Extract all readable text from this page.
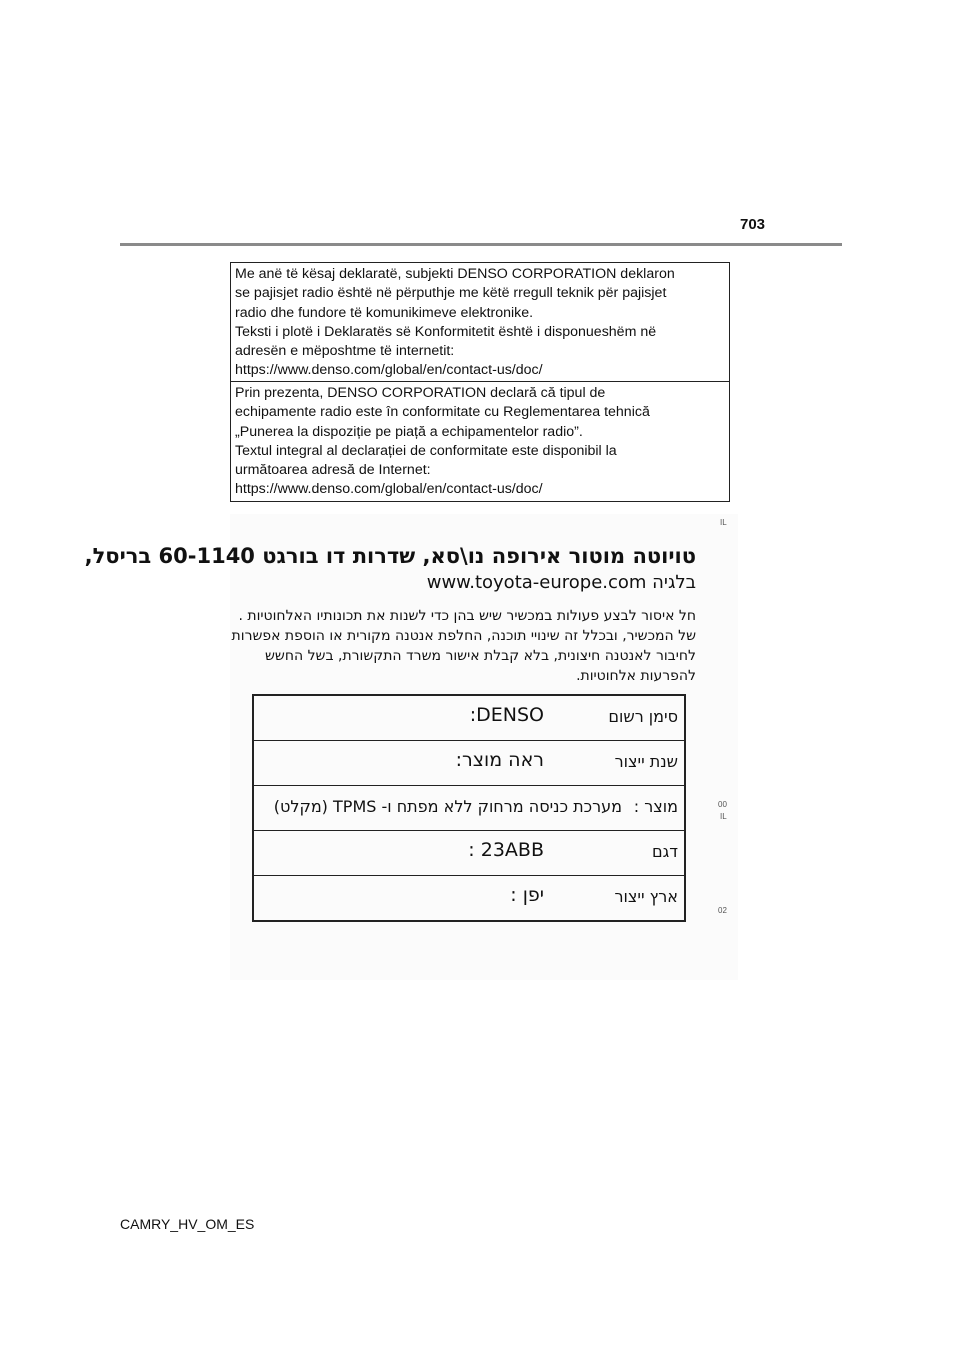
703

Me anë të kësaj deklaratë, subjekti DENSO CORPORATION deklaron

se pajisjet radio është në përputhje me këtë rregull teknik për pajisjet

radio dhe fundore të komunikimeve elektronike.

Teksti i plotë i Deklaratës së Konformitetit është i disponueshëm në

adresën e mëposhtme të internetit:

https://www.denso.com/global/en/contact-us/doc/

Prin prezenta, DENSO CORPORATION declară că tipul de

echipamente radio este în conformitate cu Reglementarea tehnică

„Punerea la dispoziție pe piață a echipamentelor radio”.

Textul integral al declarației de conformitate este disponibil la

următoarea adresă de Internet:

https://www.denso.com/global/en/contact-us/doc/

IL
טויוטה מוטור אירופה נו\סא, שדרות דו בורגט 60-1140 בריסל,
בלגיה www.toyota-europe.com
חל איסור לבצע פעולות במכשיר שיש בהן כדי לשנות את תכונותיו האלחוטיות .
של המכשיר, ובכלל זה שינויי תוכנה, החלפת אנטנה מקורית או הוספת אפשרות
לחיבור לאנטנה חיצונית, בלא קבלת אישור משרד התקשורת, בשל החשש
להפרעות אלחוטיות.
סימן רשום
DENSO:
שנת ייצור
ראה מוצר:
מוצר :
מערכת כניסה מרחוק ללא מפתח ו- TPMS (מקלט)
דגם
23ABB :
ארץ ייצור
יפן :
00
IL
02
CAMRY_HV_OM_ES
